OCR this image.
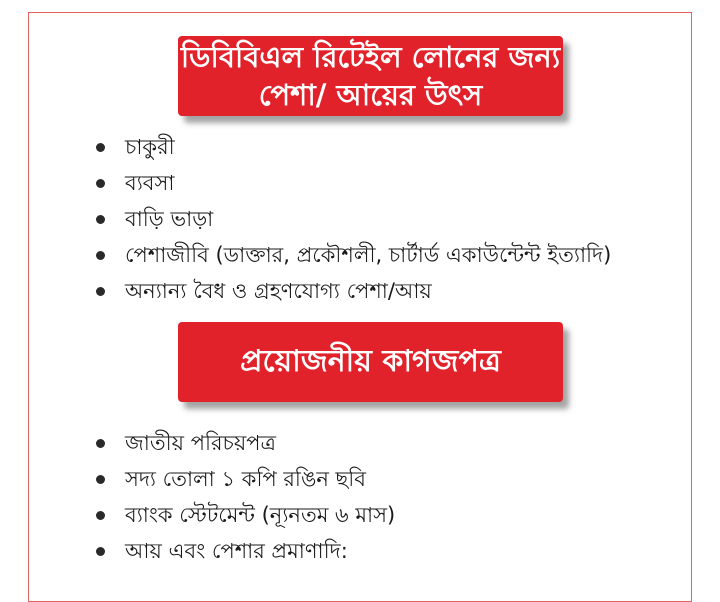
ডিবিবিএল রিটেইল লোনের জন্য
পেশা/ আয়ের উৎস
চাকুরী
ব্যবসা
বাড়ি ভাড়া
পেশাজীবি (ডাক্তার, প্রকৌশলী, চার্টার্ড একাউন্টেন্ট ইত্যাদি)
অন্যান্য বৈধ ও গ্রহণযোগ্য পেশা/আয়
প্রয়োজনীয় কাগজপত্র
জাতীয় পরিচয়পত্র
সদ্য তোলা ১ কপি রঙিন ছবি
ব্যাংক স্টেটমেন্ট (ন্যূনতম ৬ মাস)
আয় এবং পেশার প্রমাণাদি:
